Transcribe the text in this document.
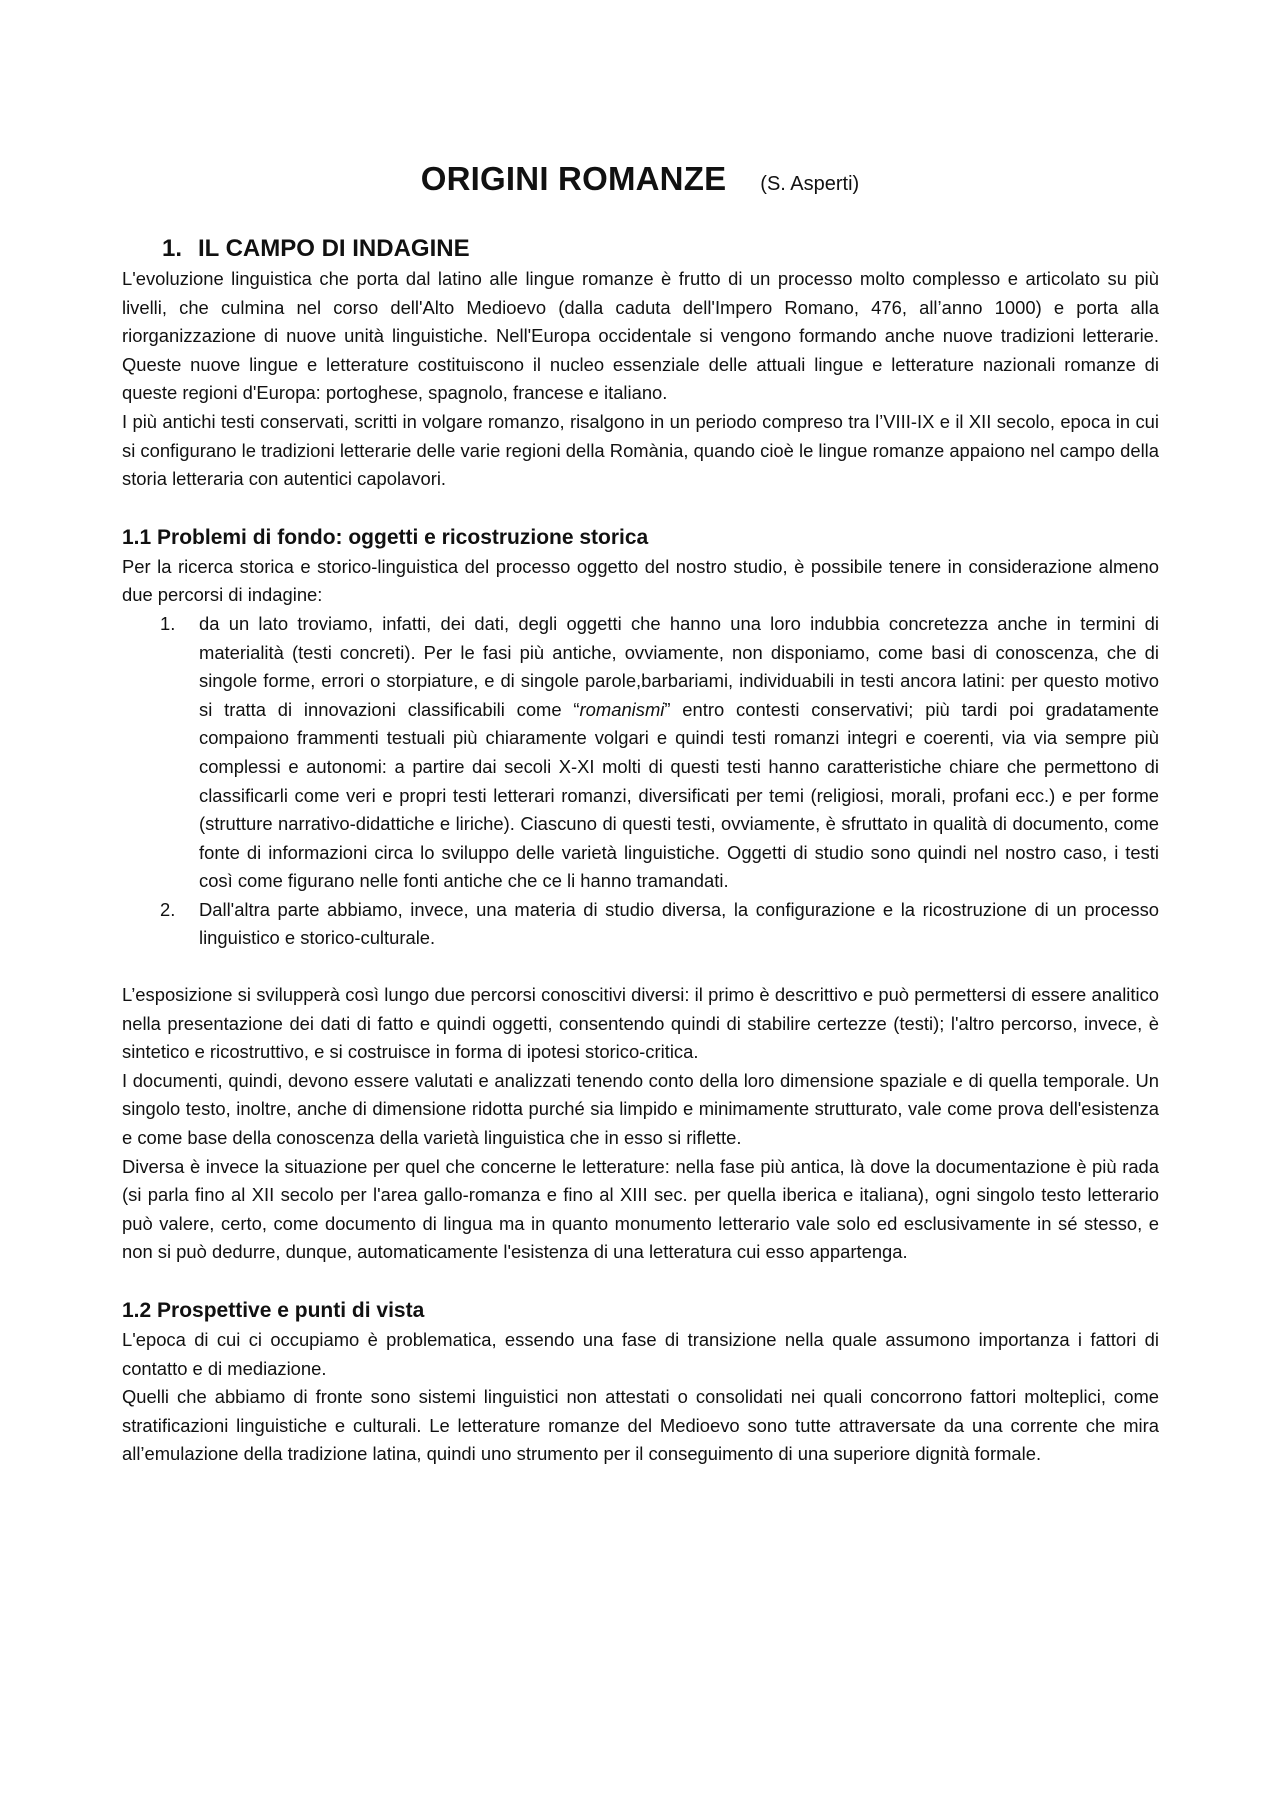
ORIGINI ROMANZE (S. Asperti)
1. IL CAMPO DI INDAGINE

L'evoluzione linguistica che porta dal latino alle lingue romanze è frutto di un processo molto complesso e articolato su più livelli, che culmina nel corso dell'Alto Medioevo (dalla caduta dell'Impero Romano, 476, all’anno 1000) e porta alla riorganizzazione di nuove unità linguistiche. Nell'Europa occidentale si vengono formando anche nuove tradizioni letterarie. Queste nuove lingue e letterature costituiscono il nucleo essenziale delle attuali lingue e letterature nazionali romanze di queste regioni d'Europa: portoghese, spagnolo, francese e italiano.

I più antichi testi conservati, scritti in volgare romanzo, risalgono in un periodo compreso tra l’VIII-IX e il XII secolo, epoca in cui si configurano le tradizioni letterarie delle varie regioni della Romània, quando cioè le lingue romanze appaiono nel campo della storia letteraria con autentici capolavori.

1.1 Problemi di fondo: oggetti e ricostruzione storica

Per la ricerca storica e storico-linguistica del processo oggetto del nostro studio, è possibile tenere in considerazione almeno due percorsi di indagine:

1. da un lato troviamo, infatti, dei dati, degli oggetti che hanno una loro indubbia concretezza anche in termini di materialità (testi concreti). Per le fasi più antiche, ovviamente, non disponiamo, come basi di conoscenza, che di singole forme, errori o storpiature, e di singole parole,barbariami, individuabili in testi ancora latini: per questo motivo si tratta di innovazioni classificabili come “romanismi” entro contesti conservativi; più tardi poi gradatamente compaiono frammenti testuali più chiaramente volgari e quindi testi romanzi integri e coerenti, via via sempre più complessi e autonomi: a partire dai secoli X-XI molti di questi testi hanno caratteristiche chiare che permettono di classificarli come veri e propri testi letterari romanzi, diversificati per temi (religiosi, morali, profani ecc.) e per forme (strutture narrativo-didattiche e liriche). Ciascuno di questi testi, ovviamente, è sfruttato in qualità di documento, come fonte di informazioni circa lo sviluppo delle varietà linguistiche. Oggetti di studio sono quindi nel nostro caso, i testi così come figurano nelle fonti antiche che ce li hanno tramandati.
2. Dall'altra parte abbiamo, invece, una materia di studio diversa, la configurazione e la ricostruzione di un processo linguistico e storico-culturale.

L’esposizione si svilupperà così lungo due percorsi conoscitivi diversi: il primo è descrittivo e può permettersi di essere analitico nella presentazione dei dati di fatto e quindi oggetti, consentendo quindi di stabilire certezze (testi); l'altro percorso, invece, è sintetico e ricostruttivo, e si costruisce in forma di ipotesi storico-critica.

I documenti, quindi, devono essere valutati e analizzati tenendo conto della loro dimensione spaziale e di quella temporale. Un singolo testo, inoltre, anche di dimensione ridotta purché sia limpido e minimamente strutturato, vale come prova dell'esistenza e come base della conoscenza della varietà linguistica che in esso si riflette.

Diversa è invece la situazione per quel che concerne le letterature: nella fase più antica, là dove la documentazione è più rada (si parla fino al XII secolo per l'area gallo-romanza e fino al XIII sec. per quella iberica e italiana), ogni singolo testo letterario può valere, certo, come documento di lingua ma in quanto monumento letterario vale solo ed esclusivamente in sé stesso, e non si può dedurre, dunque, automaticamente l'esistenza di una letteratura cui esso appartenga.

1.2 Prospettive e punti di vista

L'epoca di cui ci occupiamo è problematica, essendo una fase di transizione nella quale assumono importanza i fattori di contatto e di mediazione.

Quelli che abbiamo di fronte sono sistemi linguistici non attestati o consolidati nei quali concorrono fattori molteplici, come stratificazioni linguistiche e culturali. Le letterature romanze del Medioevo sono tutte attraversate da una corrente che mira all’emulazione della tradizione latina, quindi uno strumento per il conseguimento di una superiore dignità formale.
